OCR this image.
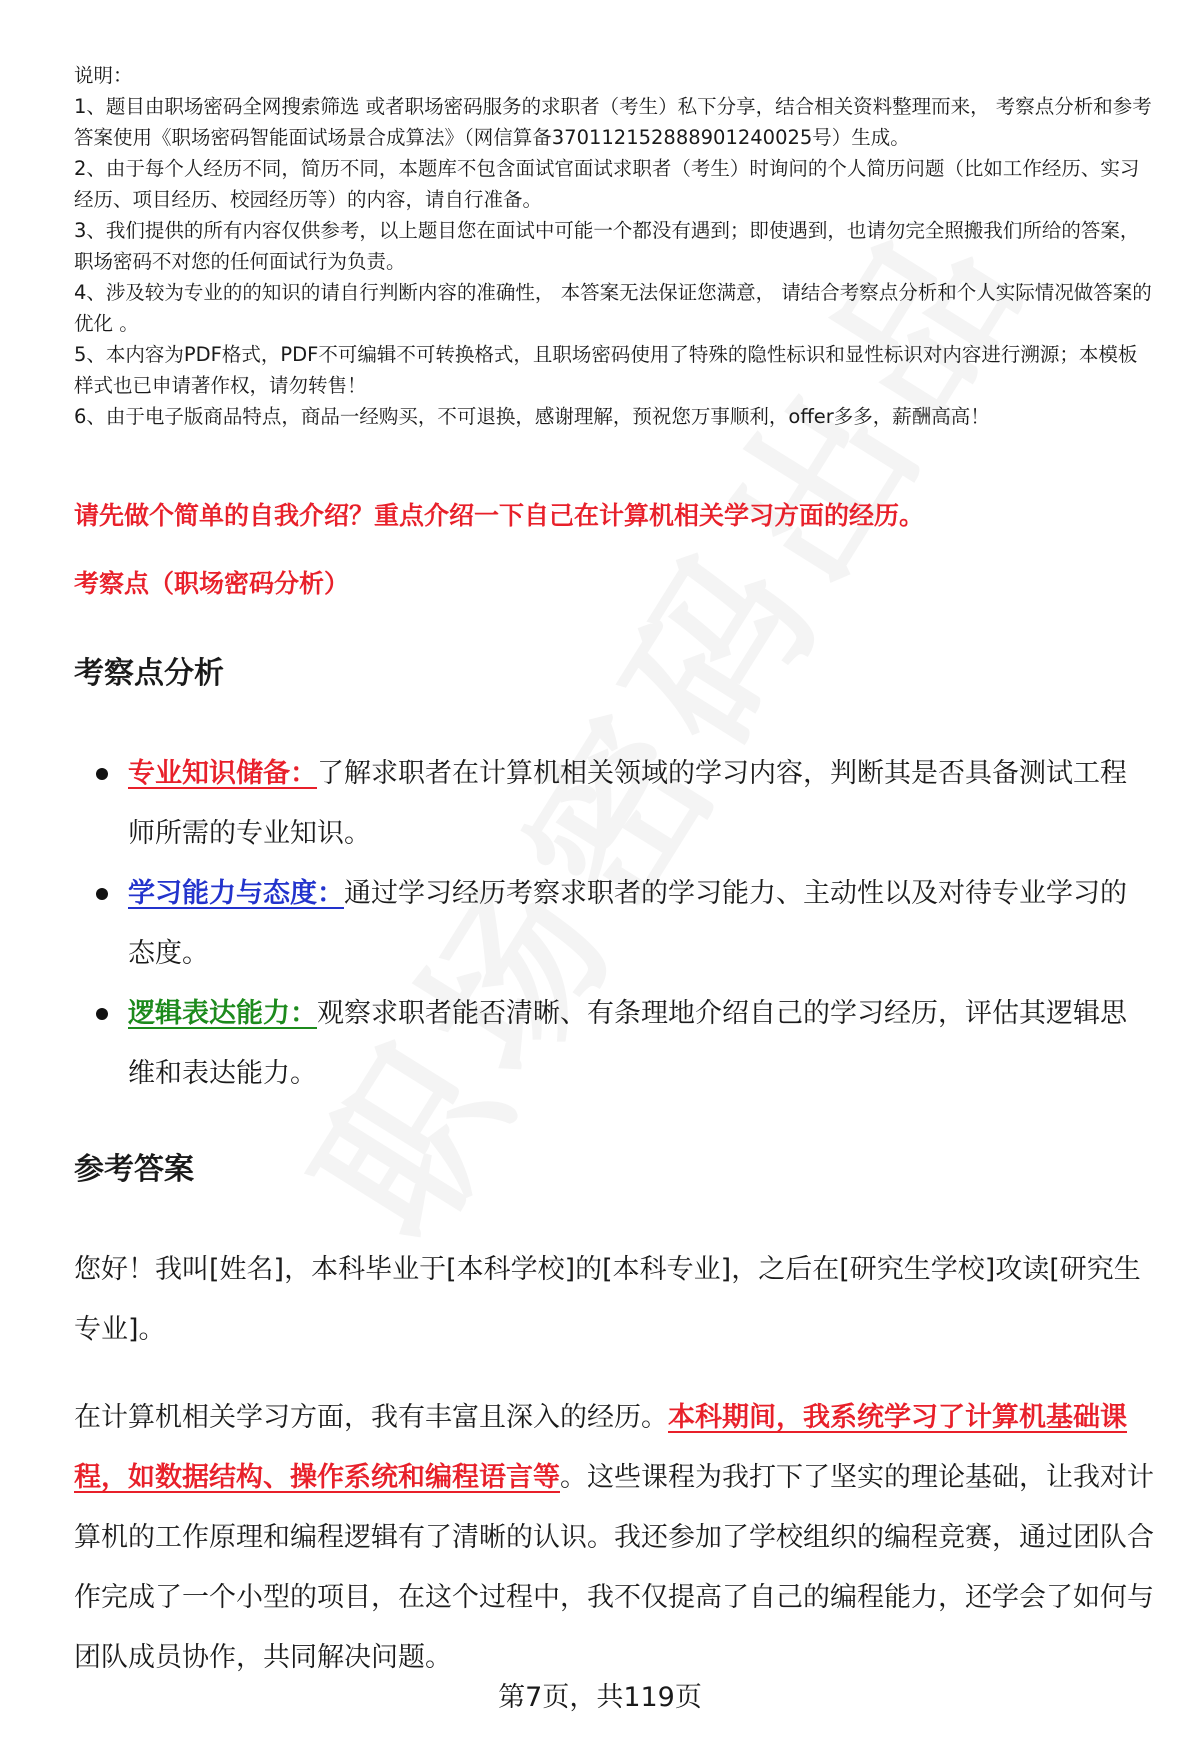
说明：

1、题目由职场密码全网搜索筛选 或者职场密码服务的求职者（考生）私下分享，结合相关资料整理而来， 考察点分析和参考答案使用《职场密码智能面试场景合成算法》（网信算备370112152888901240025号）生成。

2、由于每个人经历不同，简历不同，本题库不包含面试官面试求职者（考生）时询问的个人简历问题（比如工作经历、实习经历、项目经历、校园经历等）的内容，请自行准备。

3、我们提供的所有内容仅供参考，以上题目您在面试中可能一个都没有遇到；即使遇到，也请勿完全照搬我们所给的答案，职场密码不对您的任何面试行为负责。

4、涉及较为专业的的知识的请自行判断内容的准确性， 本答案无法保证您满意， 请结合考察点分析和个人实际情况做答案的优化 。

5、本内容为PDF格式，PDF不可编辑不可转换格式，且职场密码使用了特殊的隐性标识和显性标识对内容进行溯源；本模板样式也已申请著作权，请勿转售！

6、由于电子版商品特点，商品一经购买，不可退换，感谢理解，预祝您万事顺利，offer多多，薪酬高高！

请先做个简单的自我介绍？重点介绍一下自己在计算机相关学习方面的经历。
考察点（职场密码分析）
考察点分析
专业知识储备：了解求职者在计算机相关领域的学习内容，判断其是否具备测试工程师所需的专业知识。
学习能力与态度：通过学习经历考察求职者的学习能力、主动性以及对待专业学习的态度。
逻辑表达能力：观察求职者能否清晰、有条理地介绍自己的学习经历，评估其逻辑思维和表达能力。
参考答案

您好！我叫[姓名]，本科毕业于[本科学校]的[本科专业]，之后在[研究生学校]攻读[研究生专业]。

在计算机相关学习方面，我有丰富且深入的经历。本科期间，我系统学习了计算机基础课程，如数据结构、操作系统和编程语言等。这些课程为我打下了坚实的理论基础，让我对计算机的工作原理和编程逻辑有了清晰的认识。我还参加了学校组织的编程竞赛，通过团队合作完成了一个小型的项目，在这个过程中，我不仅提高了自己的编程能力，还学会了如何与团队成员协作，共同解决问题。

第7页，共119页
